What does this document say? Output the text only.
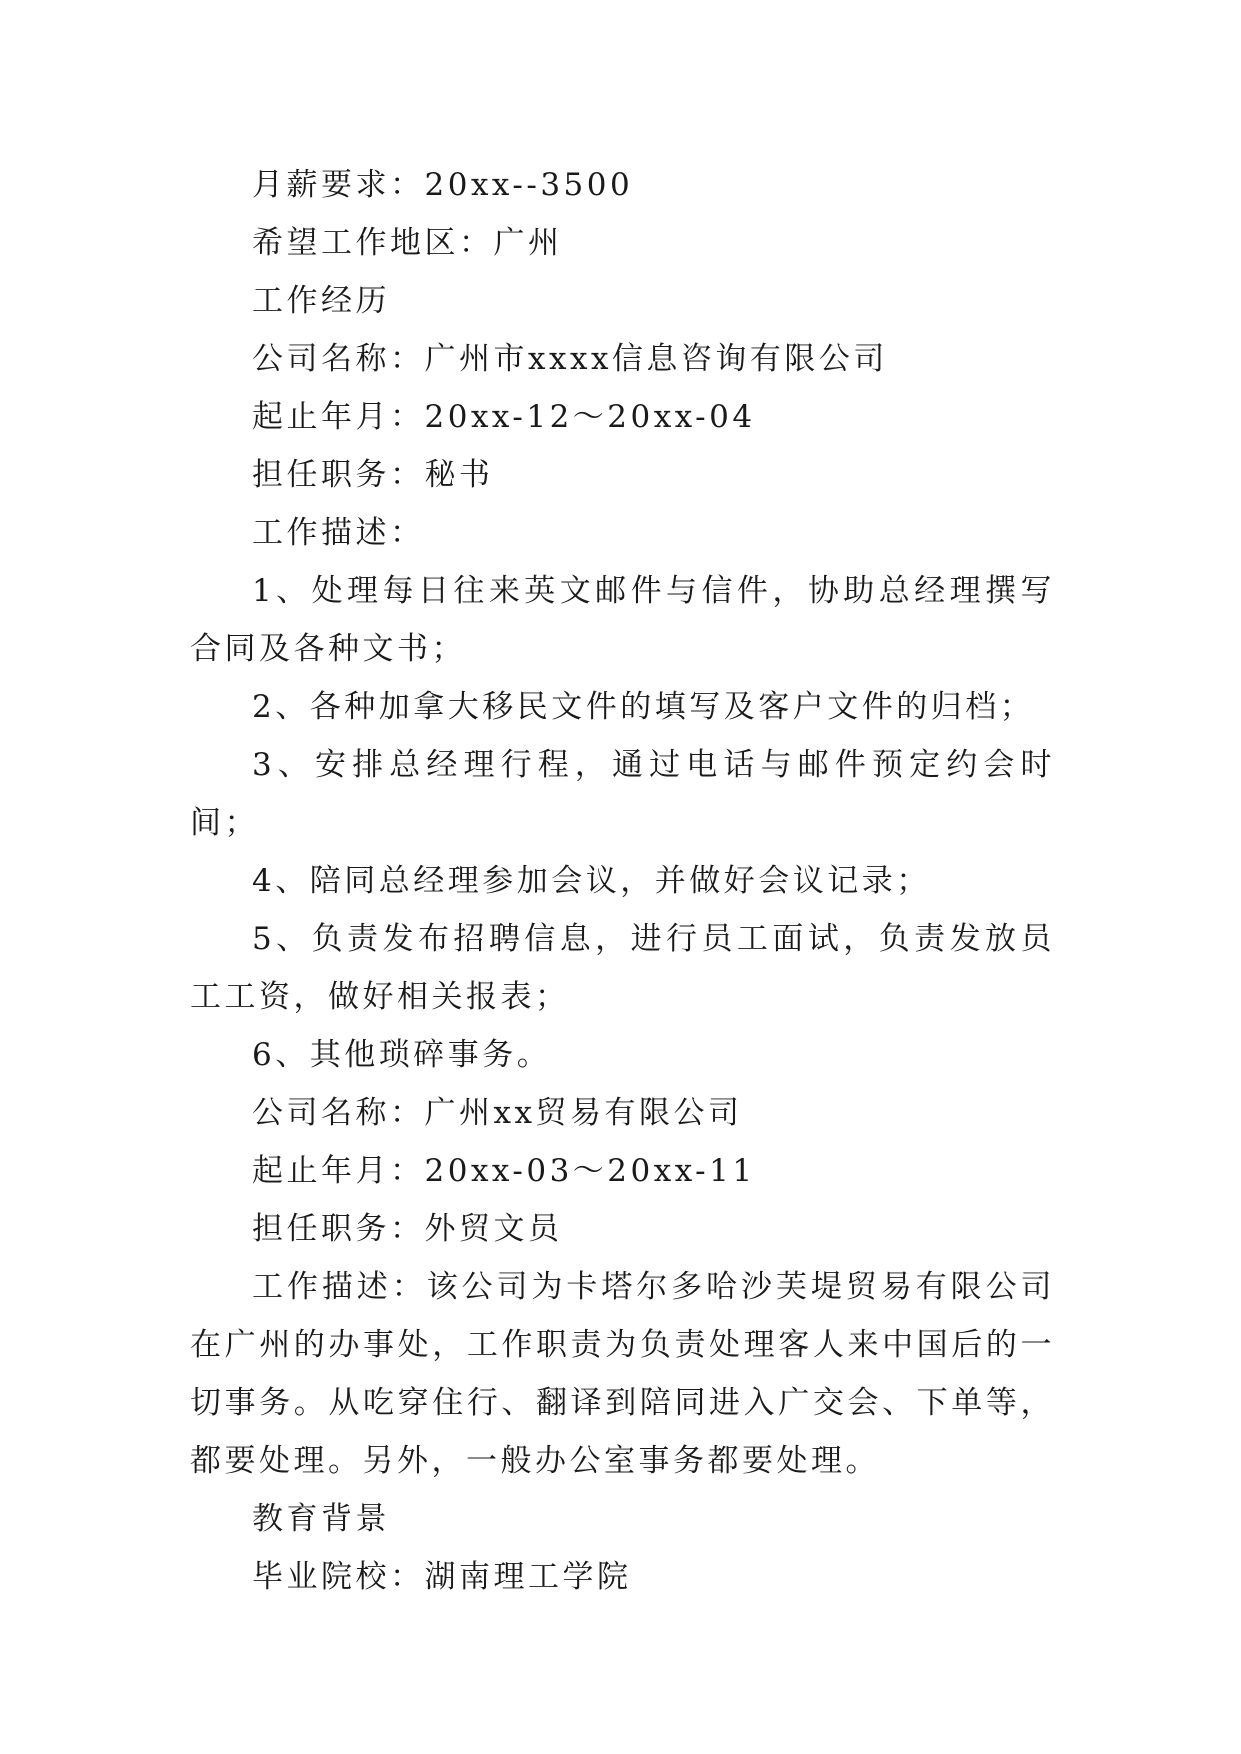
月薪要求：20xx--3500

希望工作地区：广州

工作经历

公司名称：广州市xxxx信息咨询有限公司

起止年月：20xx-12～20xx-04

担任职务：秘书

工作描述：

1、处理每日往来英文邮件与信件，协助总经理撰写合同及各种文书；

2、各种加拿大移民文件的填写及客户文件的归档；

3、安排总经理行程，通过电话与邮件预定约会时间；

4、陪同总经理参加会议，并做好会议记录；

5、负责发布招聘信息，进行员工面试，负责发放员工工资，做好相关报表；

6、其他琐碎事务。

公司名称：广州xx贸易有限公司

起止年月：20xx-03～20xx-11

担任职务：外贸文员

工作描述：该公司为卡塔尔多哈沙芙堤贸易有限公司在广州的办事处，工作职责为负责处理客人来中国后的一切事务。从吃穿住行、翻译到陪同进入广交会、下单等，都要处理。另外，一般办公室事务都要处理。

教育背景

毕业院校：湖南理工学院
